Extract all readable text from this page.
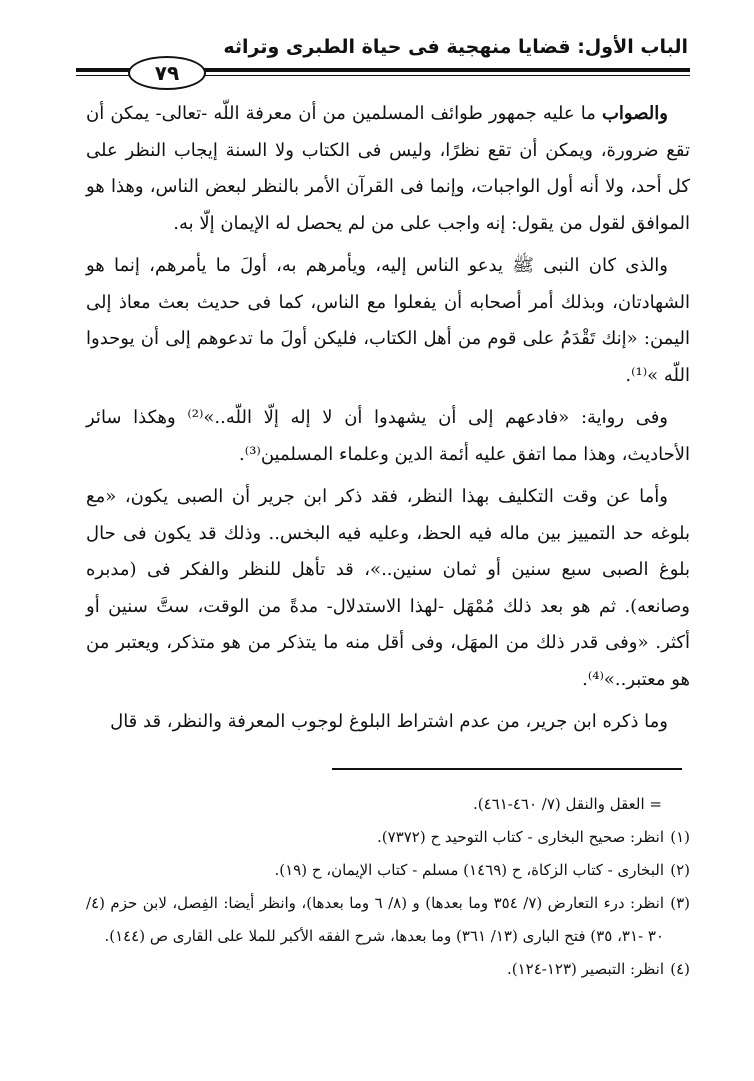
الباب الأول: قضايا منهجية فى حياة الطبرى وتراثه
٧٩

والصواب ما عليه جمهور طوائف المسلمين من أن معرفة اللّه -تعالى- يمكن أن تقع ضرورة، ويمكن أن تقع نظرًا، وليس فى الكتاب ولا السنة إيجاب النظر على كل أحد، ولا أنه أول الواجبات، وإنما فى القرآن الأمر بالنظر لبعض الناس، وهذا هو الموافق لقول من يقول: إنه واجب على من لم يحصل له الإيمان إلّا به.

والذى كان النبى ﷺ يدعو الناس إليه، ويأمرهم به، أولَ ما يأمرهم، إنما هو الشهادتان، وبذلك أمر أصحابه أن يفعلوا مع الناس، كما فى حديث بعث معاذ إلى اليمن: «إنك تَقْدَمُ على قوم من أهل الكتاب، فليكن أولَ ما تدعوهم إلى أن يوحدوا اللّه »⁽¹⁾.

وفى رواية: «فادعهم إلى أن يشهدوا أن لا إله إلّا اللّه..»⁽²⁾ وهكذا سائر الأحاديث، وهذا مما اتفق عليه أئمة الدين وعلماء المسلمين⁽³⁾.

وأما عن وقت التكليف بهذا النظر، فقد ذكر ابن جرير أن الصبى يكون، «مع بلوغه حد التمييز بين ماله فيه الحظ، وعليه فيه البخس.. وذلك قد يكون فى حال بلوغ الصبى سبع سنين أو ثمان سنين..»، قد تأهل للنظر والفكر فى (مدبره وصانعه). ثم هو بعد ذلك مُمْهَل -لهذا الاستدلال- مدةً من الوقت، ستَّ سنين أو أكثر. «وفى قدر ذلك من المهَل، وفى أقل منه ما يتذكر من هو متذكر، ويعتبر من هو معتبر..»⁽⁴⁾.

وما ذكره ابن جرير، من عدم اشتراط البلوغ لوجوب المعرفة والنظر، قد قال

= العقل والنقل (٧/ ٤٦٠-٤٦١).

(١)
انظر: صحيح البخارى - كتاب التوحيد ح (٧٣٧٢).

(٢)
البخارى - كتاب الزكاة، ح (١٤٦٩) مسلم - كتاب الإيمان، ح (١٩).

(٣)
انظر: درء التعارض (٧/ ٣٥٤ وما بعدها) و (٨/ ٦ وما بعدها)، وانظر أيضا: الفِصل، لابن حزم (٤/ ٣٠ -٣١، ٣٥) فتح البارى (١٣/ ٣٦١) وما بعدها، شرح الفقه الأكبر للملا على القارى ص (١٤٤).

(٤)
انظر: التبصير (١٢٣-١٢٤).
